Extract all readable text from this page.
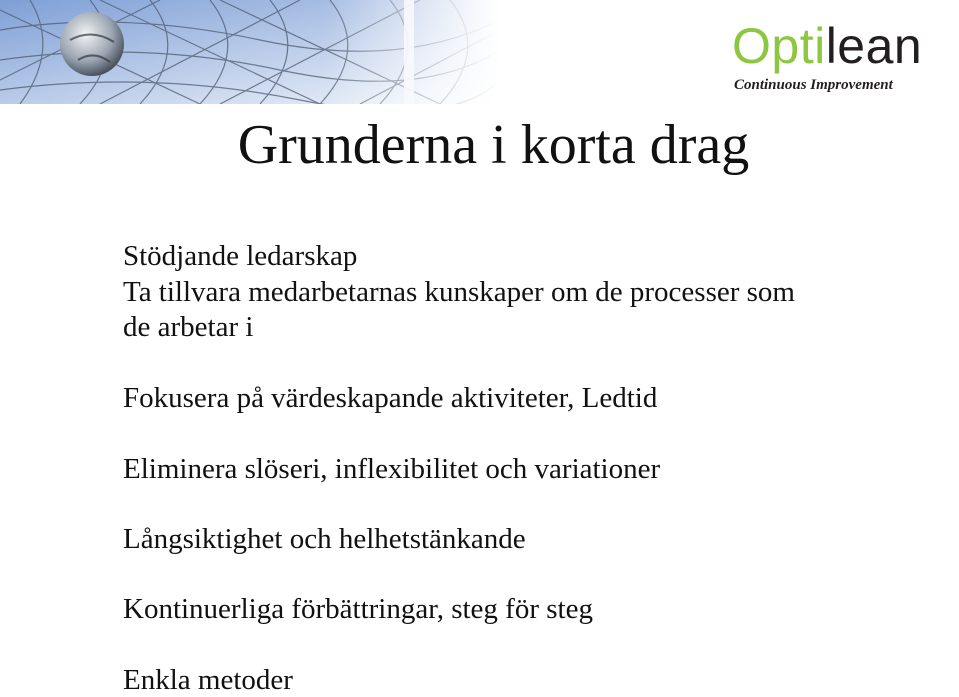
Optilean
Continuous Improvement
Grunderna i korta drag
Stödjande ledarskap
Ta tillvara medarbetarnas kunskaper om de processer som
de arbetar i
Fokusera på värdeskapande aktiviteter, Ledtid
Eliminera slöseri, inflexibilitet och variationer
Långsiktighet och helhetstänkande
Kontinuerliga förbättringar, steg för steg
Enkla metoder
